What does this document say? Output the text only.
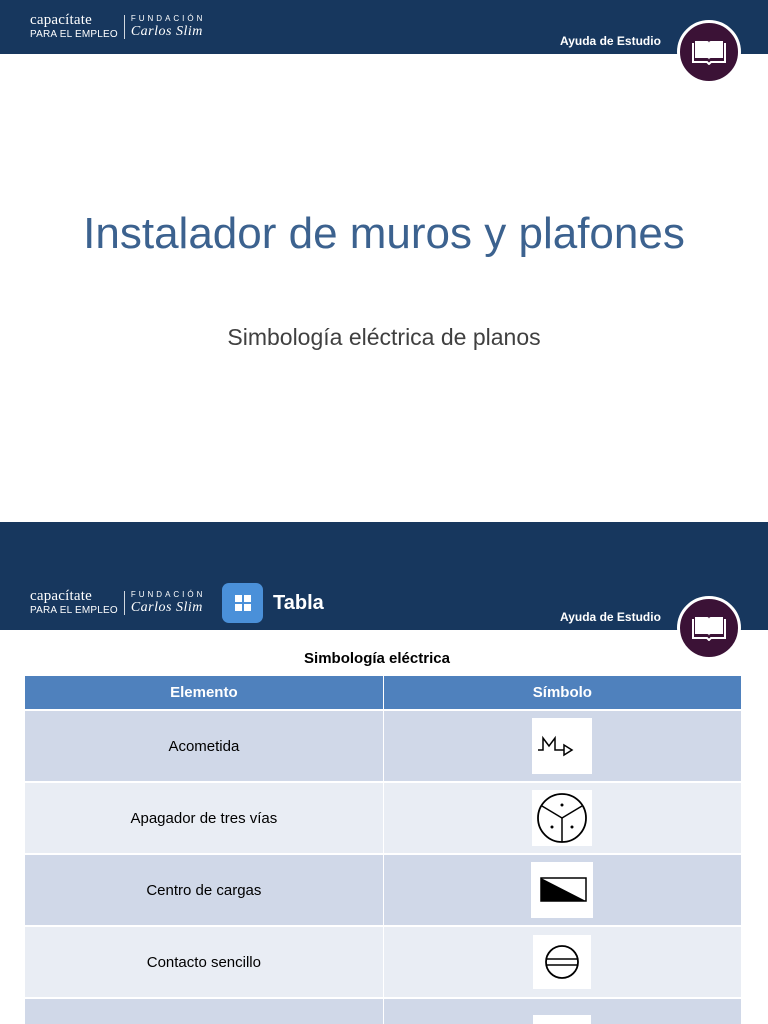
capacítate
PARA EL EMPLEO
FUNDACIÓN
Carlos Slim
Ayuda de Estudio
Instalador de muros y plafones
Simbología eléctrica de planos
capacítate
PARA EL EMPLEO
FUNDACIÓN
Carlos Slim	Tabla
Ayuda de Estudio
Simbología eléctrica
Elemento	Símbolo
Acometida	

Apagador de tres vías	

Centro de cargas	

Contacto sencillo	
